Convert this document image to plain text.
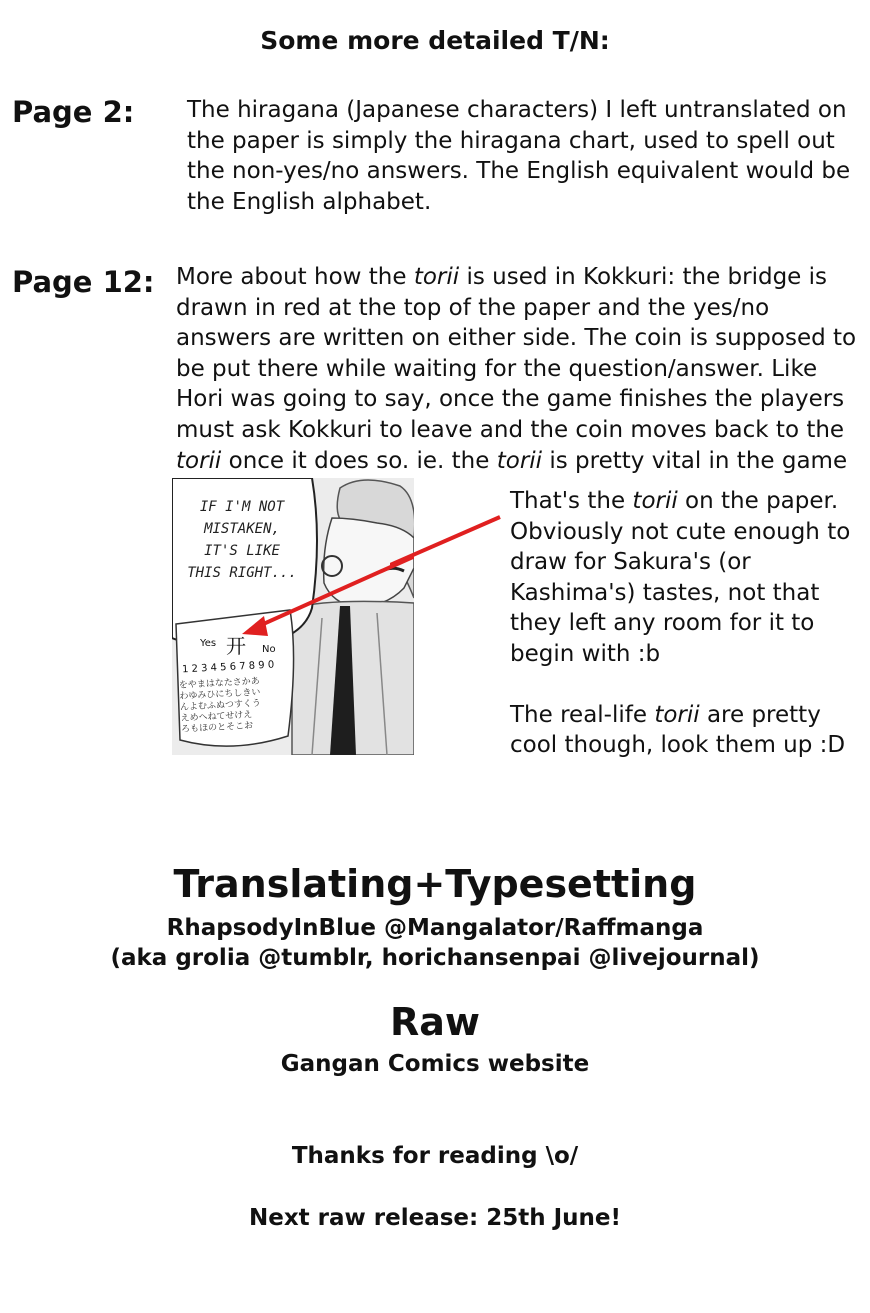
Some more detailed T/N:
Page 2: The hiragana (Japanese characters) I left untranslated on
the paper is simply the hiragana chart, used to spell out
the non-yes/no answers. The English equivalent would be
the English alphabet.
Page 12: More about how the torii is used in Kokkuri: the bridge is
drawn in red at the top of the paper and the yes/no
answers are written on either side. The coin is supposed to
be put there while waiting for the question/answer. Like
Hori was going to say, once the game finishes the players
must ask Kokkuri to leave and the coin moves back to the
torii once it does so. ie. the torii is pretty vital in the game
IF I'M NOT
MISTAKEN,
IT'S LIKE
THIS RIGHT...
Yes 开 No
1 2 3 4 5 6 7 8 9 0
をやまはなたさかあ
わゆみひにちしきい
んよむふぬつすくう
えめへねてせけえ
ろもほのとそこお
That's the torii on the paper.
Obviously not cute enough to
draw for Sakura's (or
Kashima's) tastes, not that
they left any room for it to
begin with :b
The real-life torii are pretty
cool though, look them up :D
Translating+Typesetting
RhapsodyInBlue @Mangalator/Raffmanga
(aka grolia @tumblr, horichansenpai @livejournal)
Raw
Gangan Comics website
Thanks for reading \o/
Next raw release: 25th June!
